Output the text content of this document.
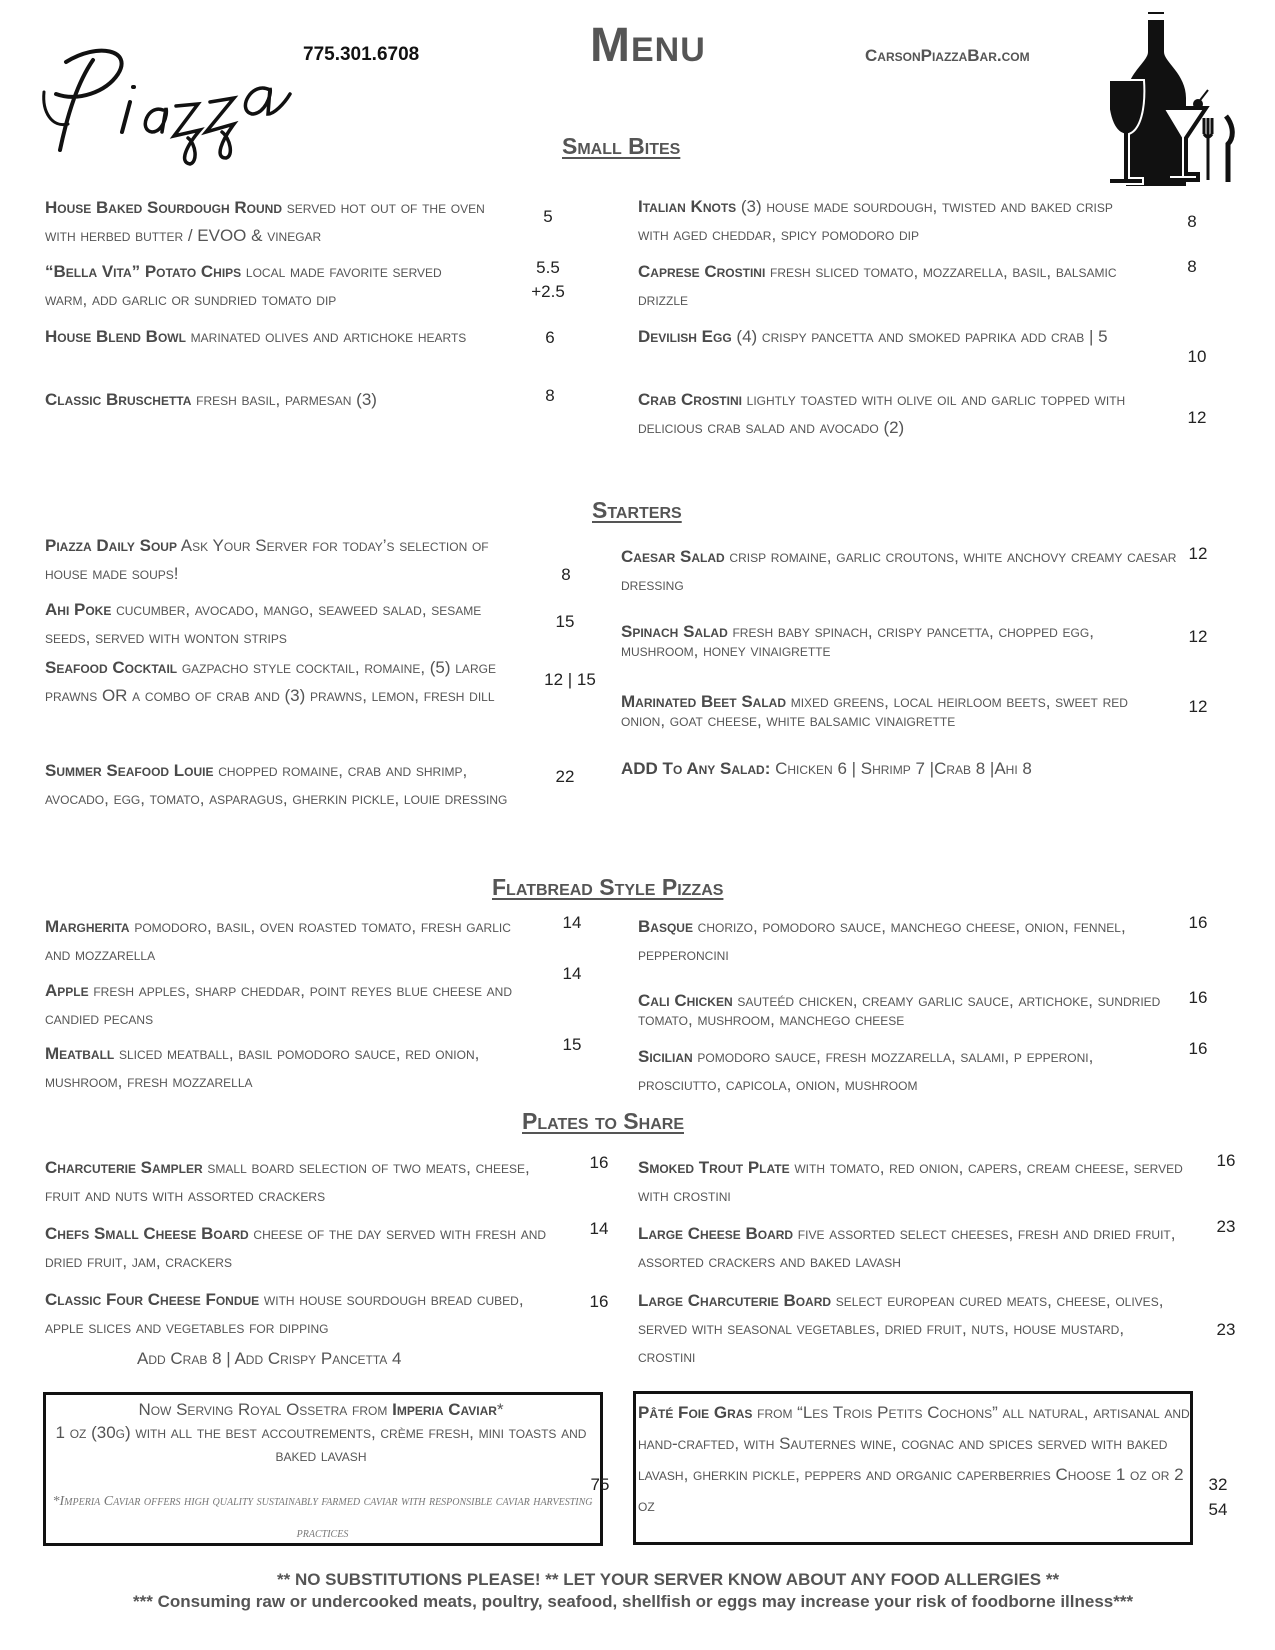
775.301.6708	Menu	CarsonPiazzaBar.com
Small Bites
House Baked Sourdough Round served hot out of the oven with herbed butter / EVOO & vinegar
5
“Bella Vita” Potato Chips local made favorite served warm, add garlic or sundried tomato dip
5.5
+2.5
House Blend Bowl marinated olives and artichoke hearts	6
Classic Bruschetta fresh basil, parmesan (3)	8
Italian Knots (3) house made sourdough, twisted and baked crisp with aged cheddar, spicy pomodoro dip
8
Caprese Crostini fresh sliced tomato, mozzarella, basil, balsamic drizzle
8
Devilish Egg (4) crispy pancetta and smoked paprika add crab | 5
10
Crab Crostini lightly toasted with olive oil and garlic topped with delicious crab salad and avocado (2)
12
Starters
Piazza Daily Soup Ask Your Server for today’s selection of house made soups!	8
Ahi Poke cucumber, avocado, mango, seaweed salad, sesame seeds, served with wonton strips
15
Seafood Cocktail gazpacho style cocktail, romaine, (5) large prawns OR a combo of crab and (3) prawns, lemon, fresh dill
12 | 15
Summer Seafood Louie chopped romaine, crab and shrimp, avocado, egg, tomato, asparagus, gherkin pickle, louie dressing
22
Caesar Salad crisp romaine, garlic croutons, white anchovy creamy caesar dressing
12
Spinach Salad fresh baby spinach, crispy pancetta, chopped egg, mushroom, honey vinaigrette
12
Marinated Beet Salad mixed greens, local heirloom beets, sweet red onion, goat cheese, white balsamic vinaigrette
12
ADD To Any Salad: Chicken 6 | Shrimp 7 |Crab 8 |Ahi 8
Flatbread Style Pizzas
Margherita pomodoro, basil, oven roasted tomato, fresh garlic and mozzarella
14
Apple fresh apples, sharp cheddar, point reyes blue cheese and candied pecans
14
Meatball sliced meatball, basil pomodoro sauce, red onion, mushroom, fresh mozzarella
15
Basque chorizo, pomodoro sauce, manchego cheese, onion, fennel, pepperoncini
16
Cali Chicken sauteéd chicken, creamy garlic sauce, artichoke, sundried tomato, mushroom, manchego cheese
16
Sicilian pomodoro sauce, fresh mozzarella, salami, p epperoni, prosciutto, capicola, onion, mushroom
16
Plates to Share
Charcuterie Sampler small board selection of two meats, cheese, fruit and nuts with assorted crackers
16
Chefs Small Cheese Board cheese of the day served with fresh and dried fruit, jam, crackers
14
Classic Four Cheese Fondue with house sourdough bread cubed, apple slices and vegetables for dipping
16
Add Crab 8 | Add Crispy Pancetta 4
Smoked Trout Plate with tomato, red onion, capers, cream cheese, served with crostini
16
Large Cheese Board five assorted select cheeses, fresh and dried fruit, assorted crackers and baked lavash
23
Large Charcuterie Board select european cured meats, cheese, olives, served with seasonal vegetables, dried fruit, nuts, house mustard, crostini
23
Now Serving Royal Ossetra from Imperia Caviar*
1 oz (30g) with all the best accoutrements, crème fresh, mini toasts and baked lavash
*Imperia Caviar offers high quality sustainably farmed caviar with responsible caviar harvesting practices
75
Pâté Foie Gras from “Les Trois Petits Cochons” all natural, artisanal and hand-crafted, with Sauternes wine, cognac and spices served with baked lavash, gherkin pickle, peppers and organic caperberries Choose 1 oz or 2 oz
32
54
** NO SUBSTITUTIONS PLEASE! ** LET YOUR SERVER KNOW ABOUT ANY FOOD ALLERGIES **
*** Consuming raw or undercooked meats, poultry, seafood, shellfish or eggs may increase your risk of foodborne illness***
